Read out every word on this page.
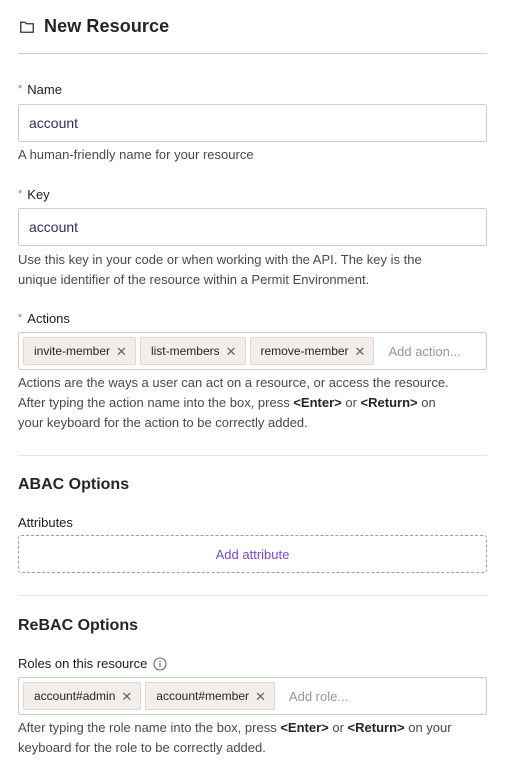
New Resource
* Name
account
A human-friendly name for your resource
* Key
account
Use this key in your code or when working with the API. The key is the
unique identifier of the resource within a Permit Environment.
* Actions
invite-member ✕ list-members ✕ remove-member ✕ Add action...
Actions are the ways a user can act on a resource, or access the resource.
After typing the action name into the box, press <Enter> or <Return> on
your keyboard for the action to be correctly added.
ABAC Options
Attributes
Add attribute
ReBAC Options
Roles on this resource
account#admin ✕ account#member ✕ Add role...
After typing the role name into the box, press <Enter> or <Return> on your
keyboard for the role to be correctly added.
